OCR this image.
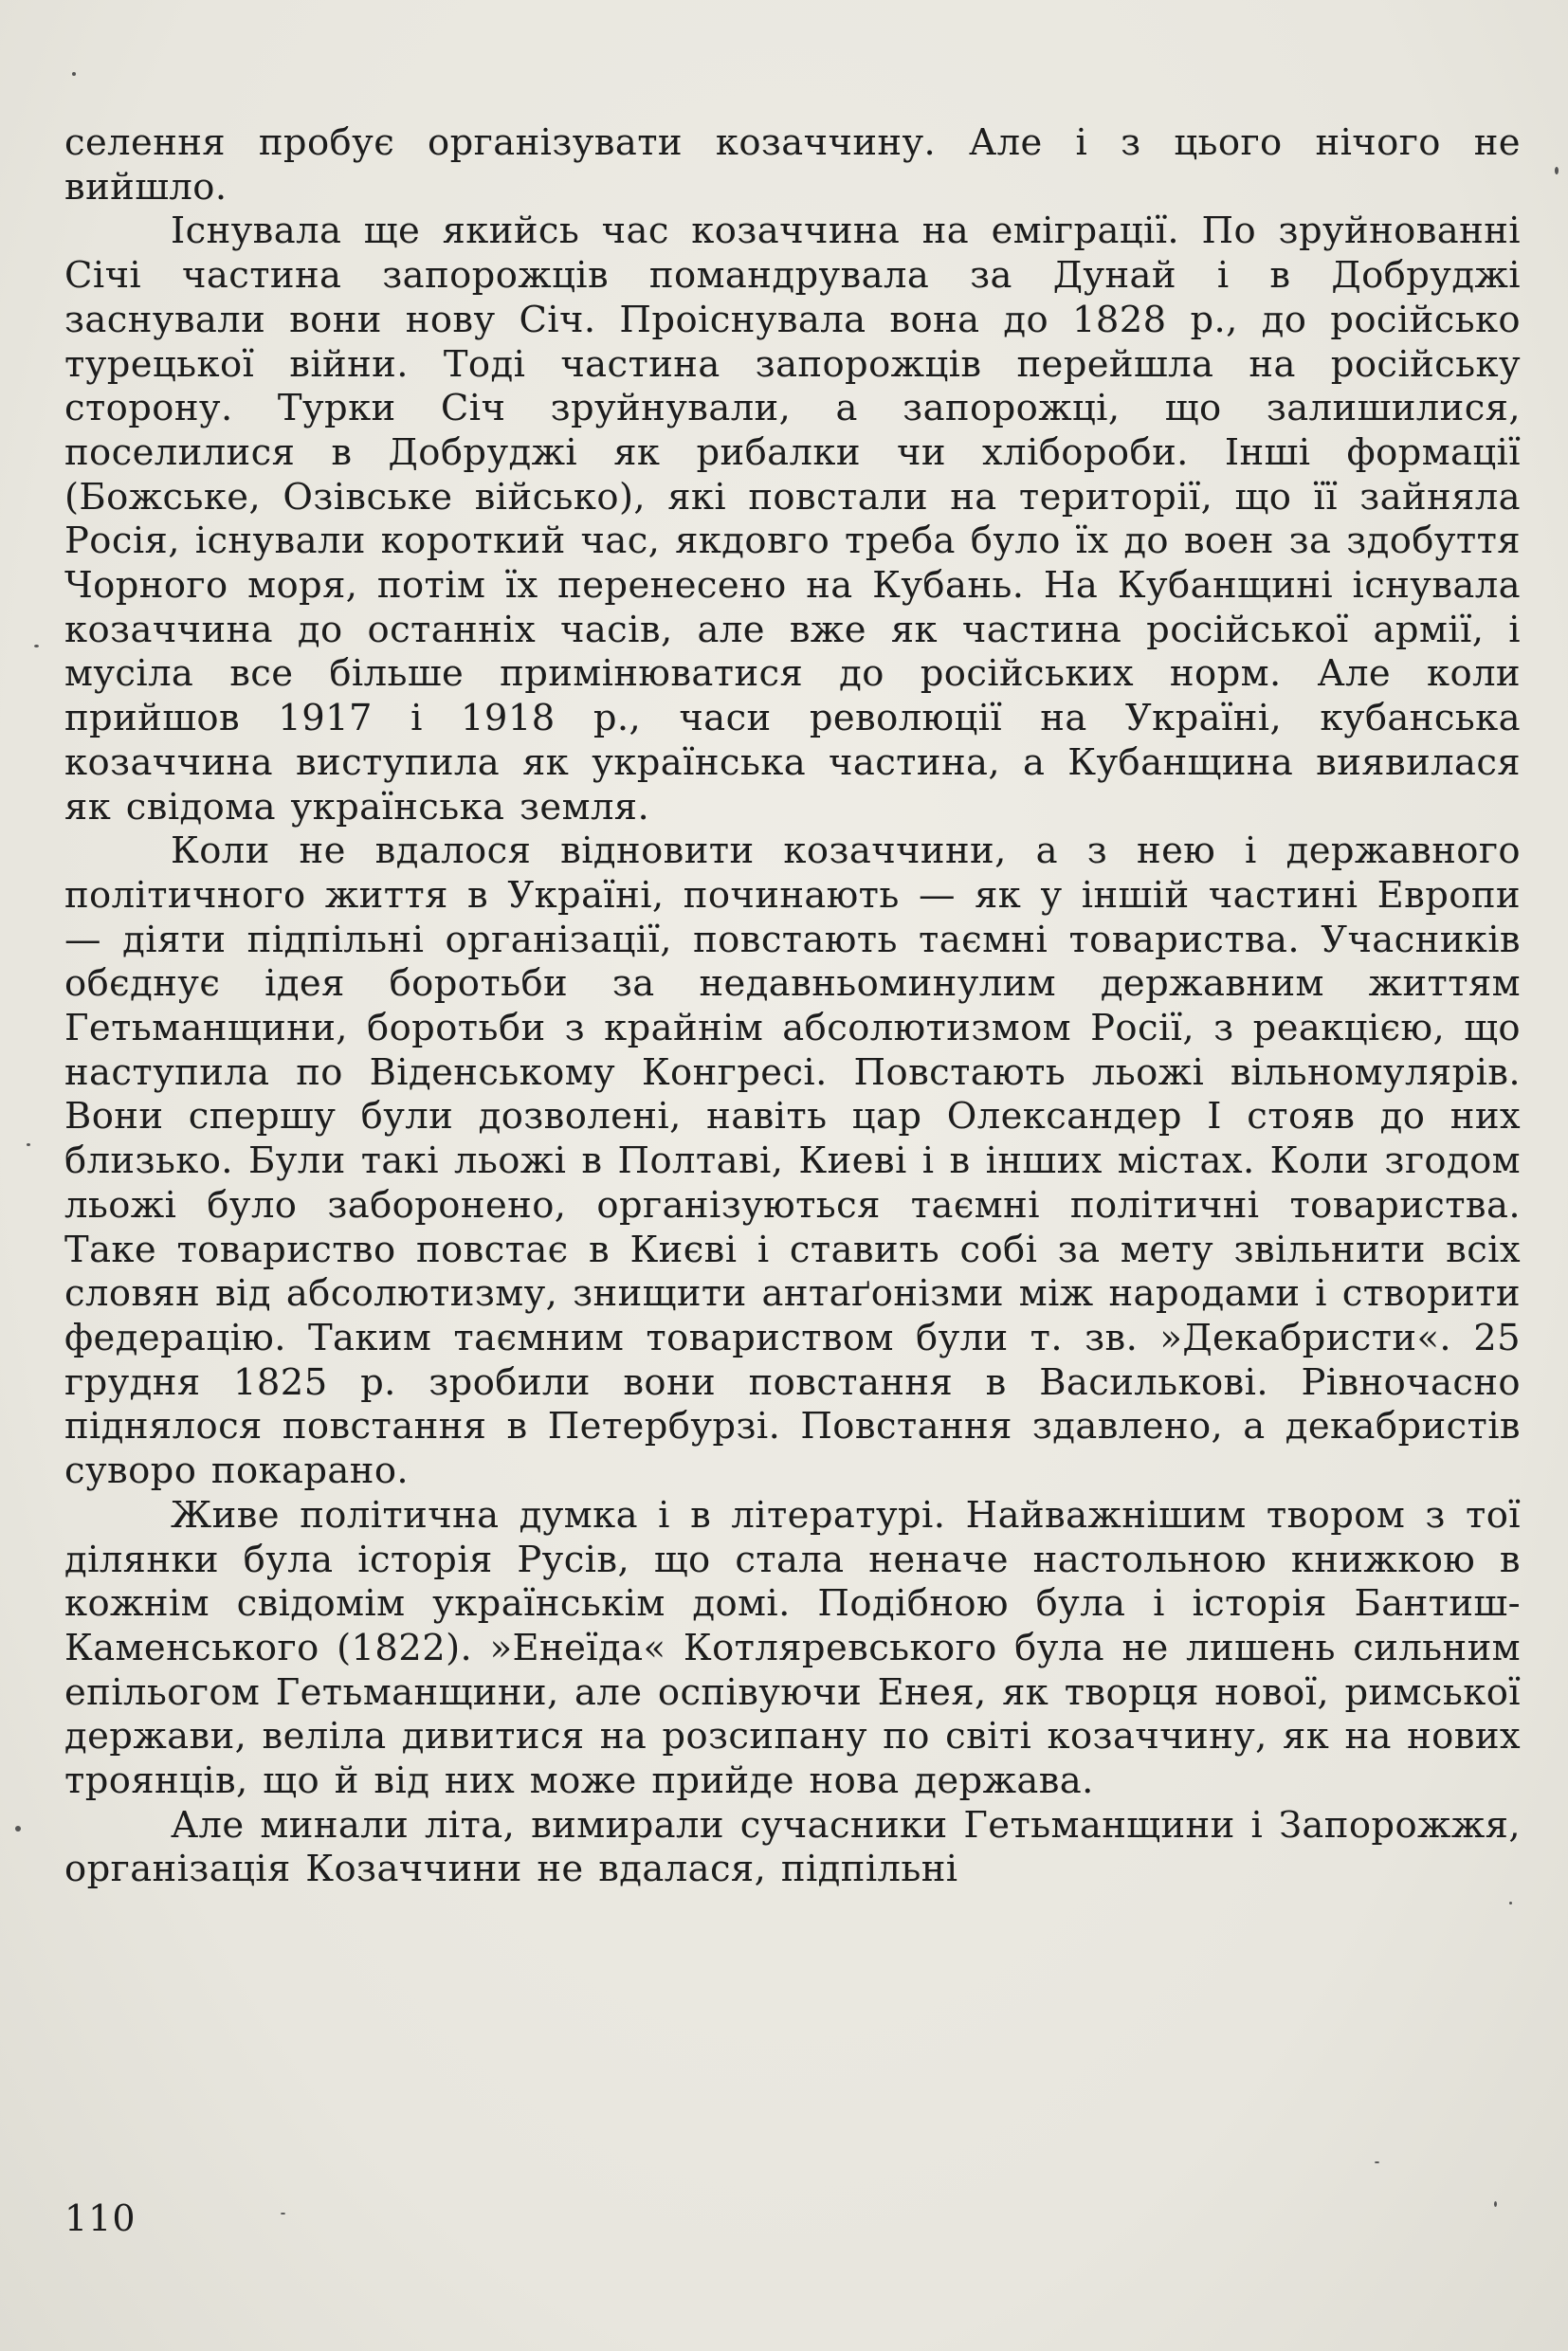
селення пробує організувати козаччину. Але і з цього нічого не вийшло.

Існувала ще якийсь час козаччина на еміграції. По зруйнованні Січі частина запорожців помандрувала за Дунай і в Добруджі заснували вони нову Січ. Проіснувала вона до 1828 р., до російсько турецької війни. Тоді частина запорожців перейшла на російську сторону. Турки Січ зруйнували, а запорожці, що залишилися, поселилися в Добруджі як рибалки чи хлібороби. Інші формації (Божське, Озівське військо), які повстали на території, що її зайняла Росія, існували короткий час, якдовго треба було їх до воен за здобуття Чорного моря, потім їх перенесено на Кубань. На Кубанщині існувала козаччина до останніх часів, але вже як частина російської армії, і мусіла все більше примінюватися до російських норм. Але коли прийшов 1917 і 1918 р., часи революції на Україні, кубанська козаччина виступила як українська частина, а Кубанщина виявилася як свідома українська земля.

Коли не вдалося відновити козаччини, а з нею і державного політичного життя в Україні, починають — як у іншій частині Европи — діяти підпільні організації, повстають таємні товариства. Учасників обєднує ідея боротьби за недавньоминулим державним життям Гетьманщини, боротьби з крайнім абсолютизмом Росії, з реакцією, що наступила по Віденському Конгресі. Повстають льожі вільномулярів. Вони спершу були дозволені, навіть цар Олександер I стояв до них близько. Були такі льожі в Полтаві, Киеві і в інших містах. Коли згодом льожі було заборонено, організуються таємні політичні товариства. Таке товариство повстає в Києві і ставить собі за мету звільнити всіх словян від абсолютизму, знищити антаґонізми між народами і створити федерацію. Таким таємним товариством були т. зв. »Декабристи«. 25 грудня 1825 р. зробили вони повстання в Василькові. Рівночасно піднялося повстання в Петербурзі. Повстання здавлено, а декабристів суворо покарано.

Живе політична думка і в літературі. Найважнішим твором з тої ділянки була історія Русів, що стала неначе настольною книжкою в кожнім свідомім українськім домі. Подібною була і історія Бантиш-Каменського (1822). »Енеїда« Котляревського була не лишень сильним епільогом Гетьманщини, але оспівуючи Енея, як творця нової, римської держави, веліла дивитися на розсипану по світі козаччину, як на нових троянців, що й від них може прийде нова держава.

Але минали літа, вимирали сучасники Гетьманщини і Запорожжя, організація Козаччини не вдалася, підпільні

110
